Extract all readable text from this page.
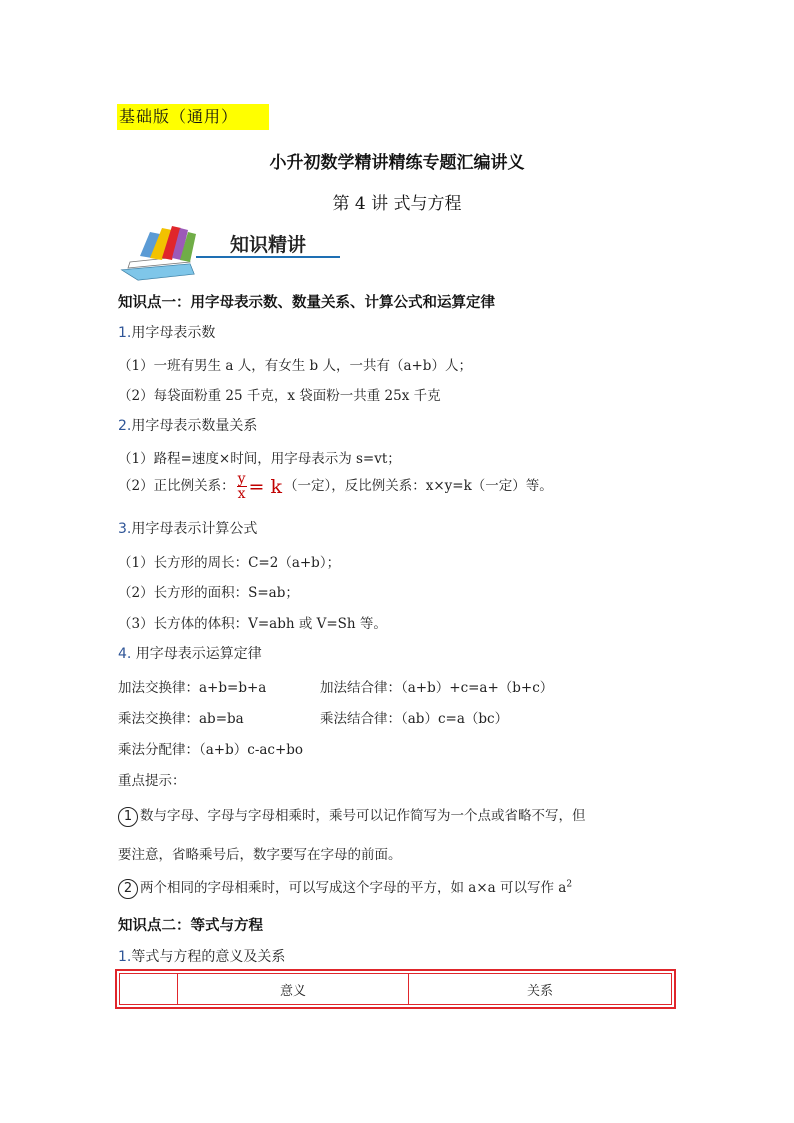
基础版（通用）
小升初数学精讲精练专题汇编讲义
第 4 讲 式与方程
知识精讲
知识点一：用字母表示数、数量关系、计算公式和运算定律
1.用字母表示数
（1）一班有男生 a 人，有女生 b 人，一共有（a+b）人；
（2）每袋面粉重 25 千克，x 袋面粉一共重 25x 千克
2.用字母表示数量关系
（1）路程=速度×时间，用字母表示为 s=vt；
（2）正比例关系： $\frac{y}{x} = k$ （一定），反比例关系：x×y=k（一定）等。
3.用字母表示计算公式
（1）长方形的周长：C=2（a+b）；
（2）长方形的面积：S=ab；
（3）长方体的体积：V=abh 或 V=Sh 等。
4. 用字母表示运算定律
加法交换律：a+b=b+a	加法结合律：（a+b）+c=a+（b+c）
乘法交换律：ab=ba	乘法结合律：（ab）c=a（bc）
乘法分配律：（a+b）c-ac+bo
重点提示：
1 数与字母、字母与字母相乘时，乘号可以记作简写为一个点或省略不写，但
要注意，省略乘号后，数字要写在字母的前面。
2 两个相同的字母相乘时，可以写成这个字母的平方，如 a×a 可以写作 $a^2$
知识点二：等式与方程
1.等式与方程的意义及关系
	意义	关系
